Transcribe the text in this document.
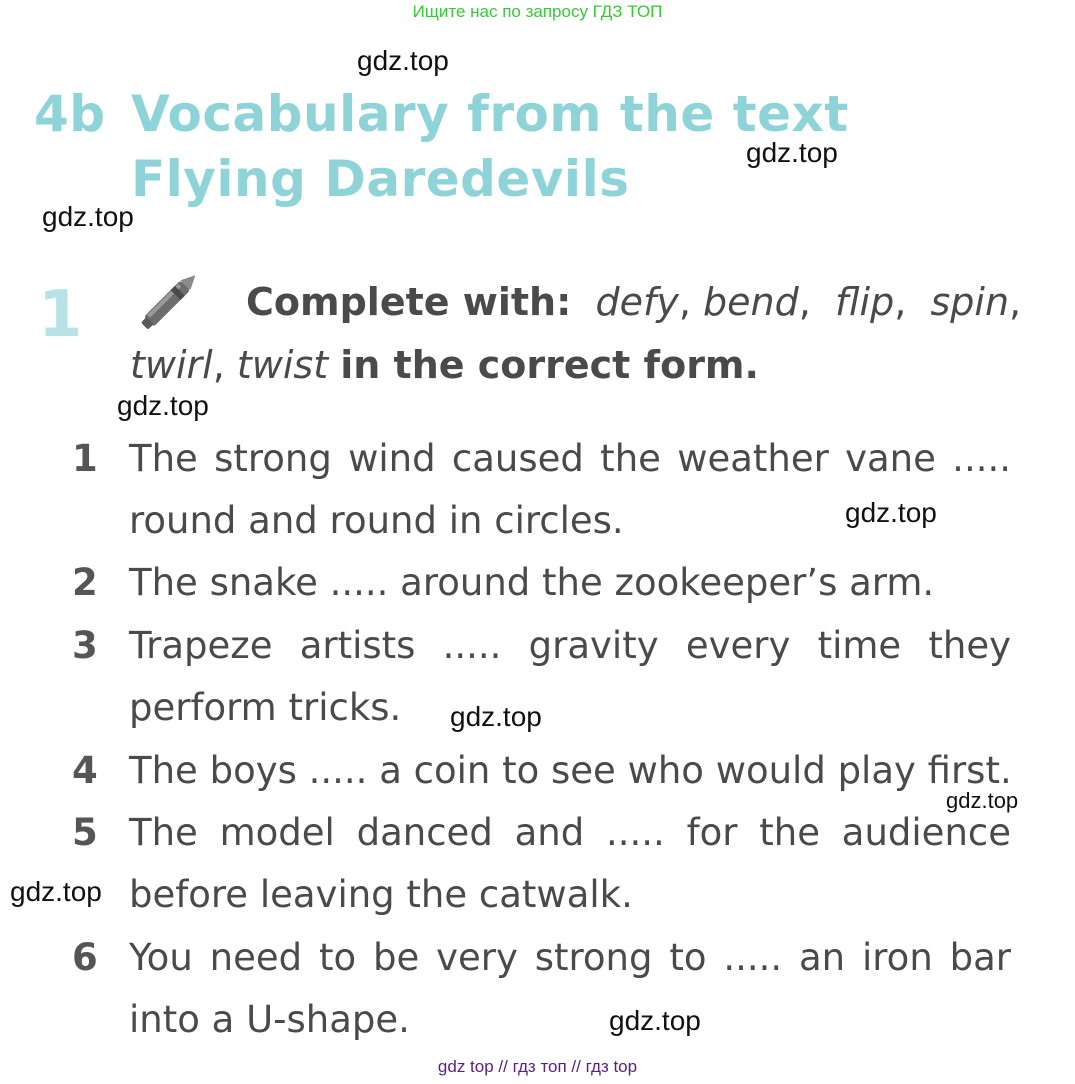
Ищите нас по запросу ГДЗ ТОП
gdz.top
gdz.top
gdz.top
gdz.top
gdz.top
gdz.top
gdz.top
gdz.top
gdz.top
4b Vocabulary from the text
Flying Daredevils
1	Complete with: defy, bend,  flip,  spin,
twirl, twist in the correct form.
1 The strong wind caused the weather vane .....
round and round in circles.
2 The snake ..... around the zookeeper’s arm.
3 Trapeze artists ..... gravity every time they
perform tricks.
4 The boys ..... a coin to see who would play first.
5 The model danced and ..... for the audience
before leaving the catwalk.
6 You need to be very strong to ..... an iron bar
into a U-shape.
gdz top // гдз топ // гдз top
